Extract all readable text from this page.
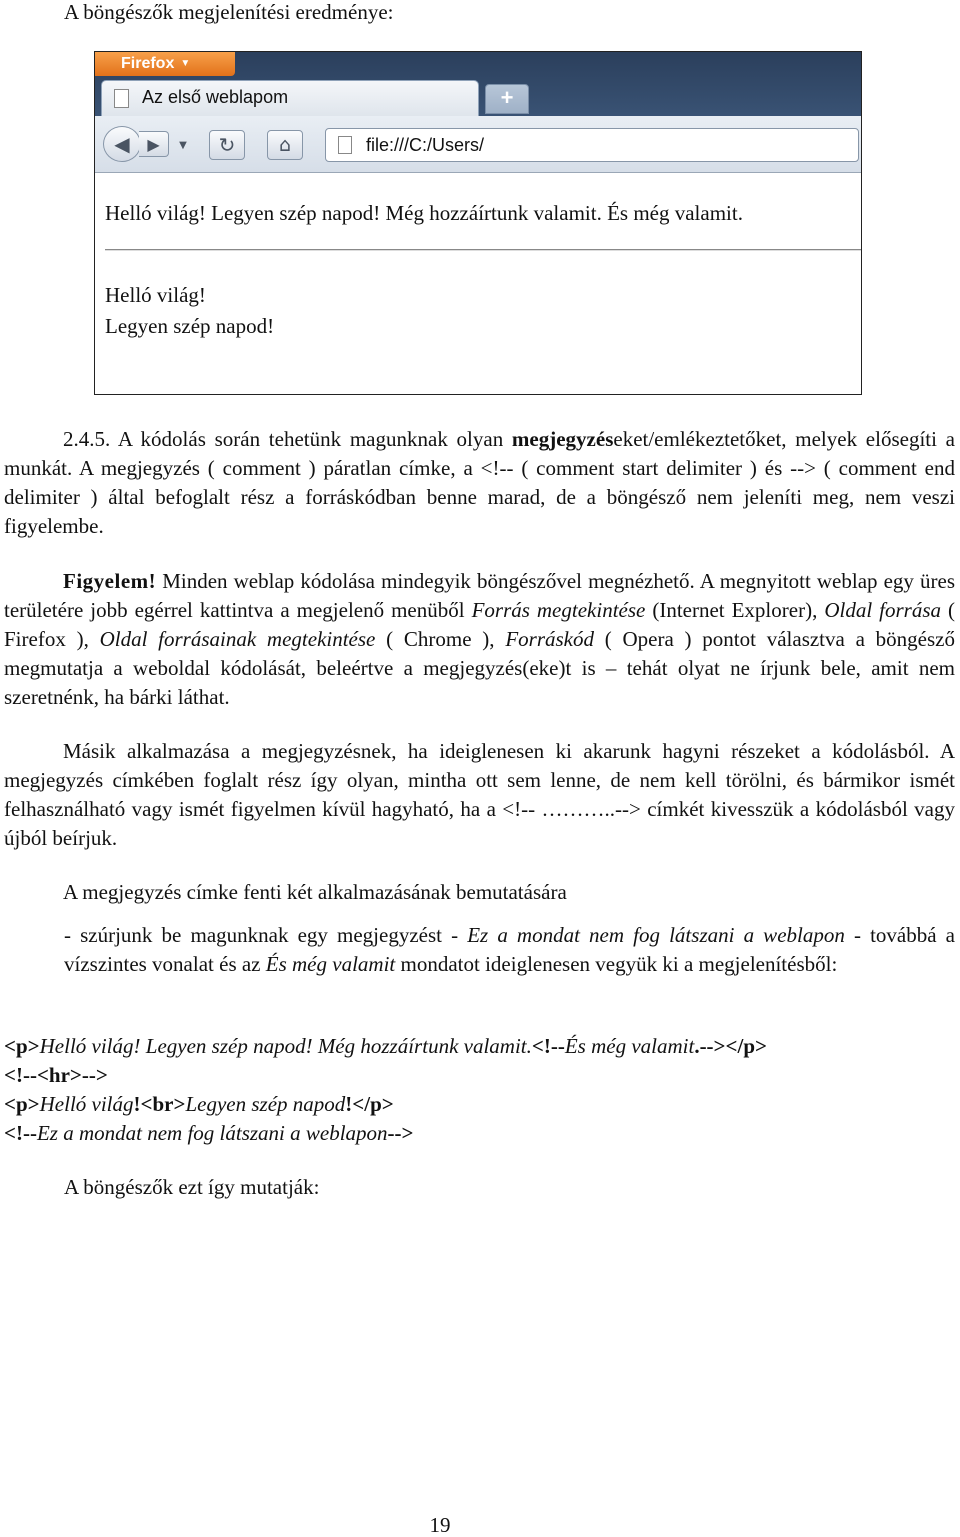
A böngészők megjelenítési eredménye:
Firefox ▼
Az első weblapom	+
◀	▶	▼	↻	⌂	file:///C:/Users/
Helló világ! Legyen szép napod! Még hozzáírtunk valamit. És még valamit.
Helló világ!
Legyen szép napod!
2.4.5. A kódolás során tehetünk magunknak olyan megjegyzéseket/emlékeztetőket, melyek elősegíti a munkát. A megjegyzés ( comment ) páratlan címke, a <!-- ( comment start delimiter ) és --> ( comment end delimiter ) által befoglalt rész a forráskódban benne marad, de a böngésző nem jeleníti meg, nem veszi figyelembe.
Figyelem! Minden weblap kódolása mindegyik böngészővel megnézhető. A megnyitott weblap egy üres területére jobb egérrel kattintva a megjelenő menüből Forrás megtekintése (Internet Explorer), Oldal forrása ( Firefox ), Oldal forrásainak megtekintése ( Chrome ), Forráskód ( Opera ) pontot választva a böngésző megmutatja a weboldal kódolását, beleértve a megjegyzés(eke)t is – tehát olyat ne írjunk bele, amit nem szeretnénk, ha bárki láthat.
Másik alkalmazása a megjegyzésnek, ha ideiglenesen ki akarunk hagyni részeket a kódolásból. A megjegyzés címkében foglalt rész így olyan, mintha ott sem lenne, de nem kell törölni, és bármikor ismét felhasználható vagy ismét figyelmen kívül hagyható, ha a <!-- ………..--> címkét kivesszük a kódolásból vagy újból beírjuk.
A megjegyzés címke fenti két alkalmazásának bemutatására
- szúrjunk be magunknak egy megjegyzést - Ez a mondat nem fog látszani a weblapon - továbbá a vízszintes vonalat és az És még valamit mondatot ideiglenesen vegyük ki a megjelenítésből:
<p>Helló világ! Legyen szép napod! Még hozzáírtunk valamit.<!--És még valamit.--></p>
<!--<hr>-->
<p>Helló világ!<br>Legyen szép napod!</p>
<!--Ez a mondat nem fog látszani a weblapon-->
A böngészők ezt így mutatják:
19
